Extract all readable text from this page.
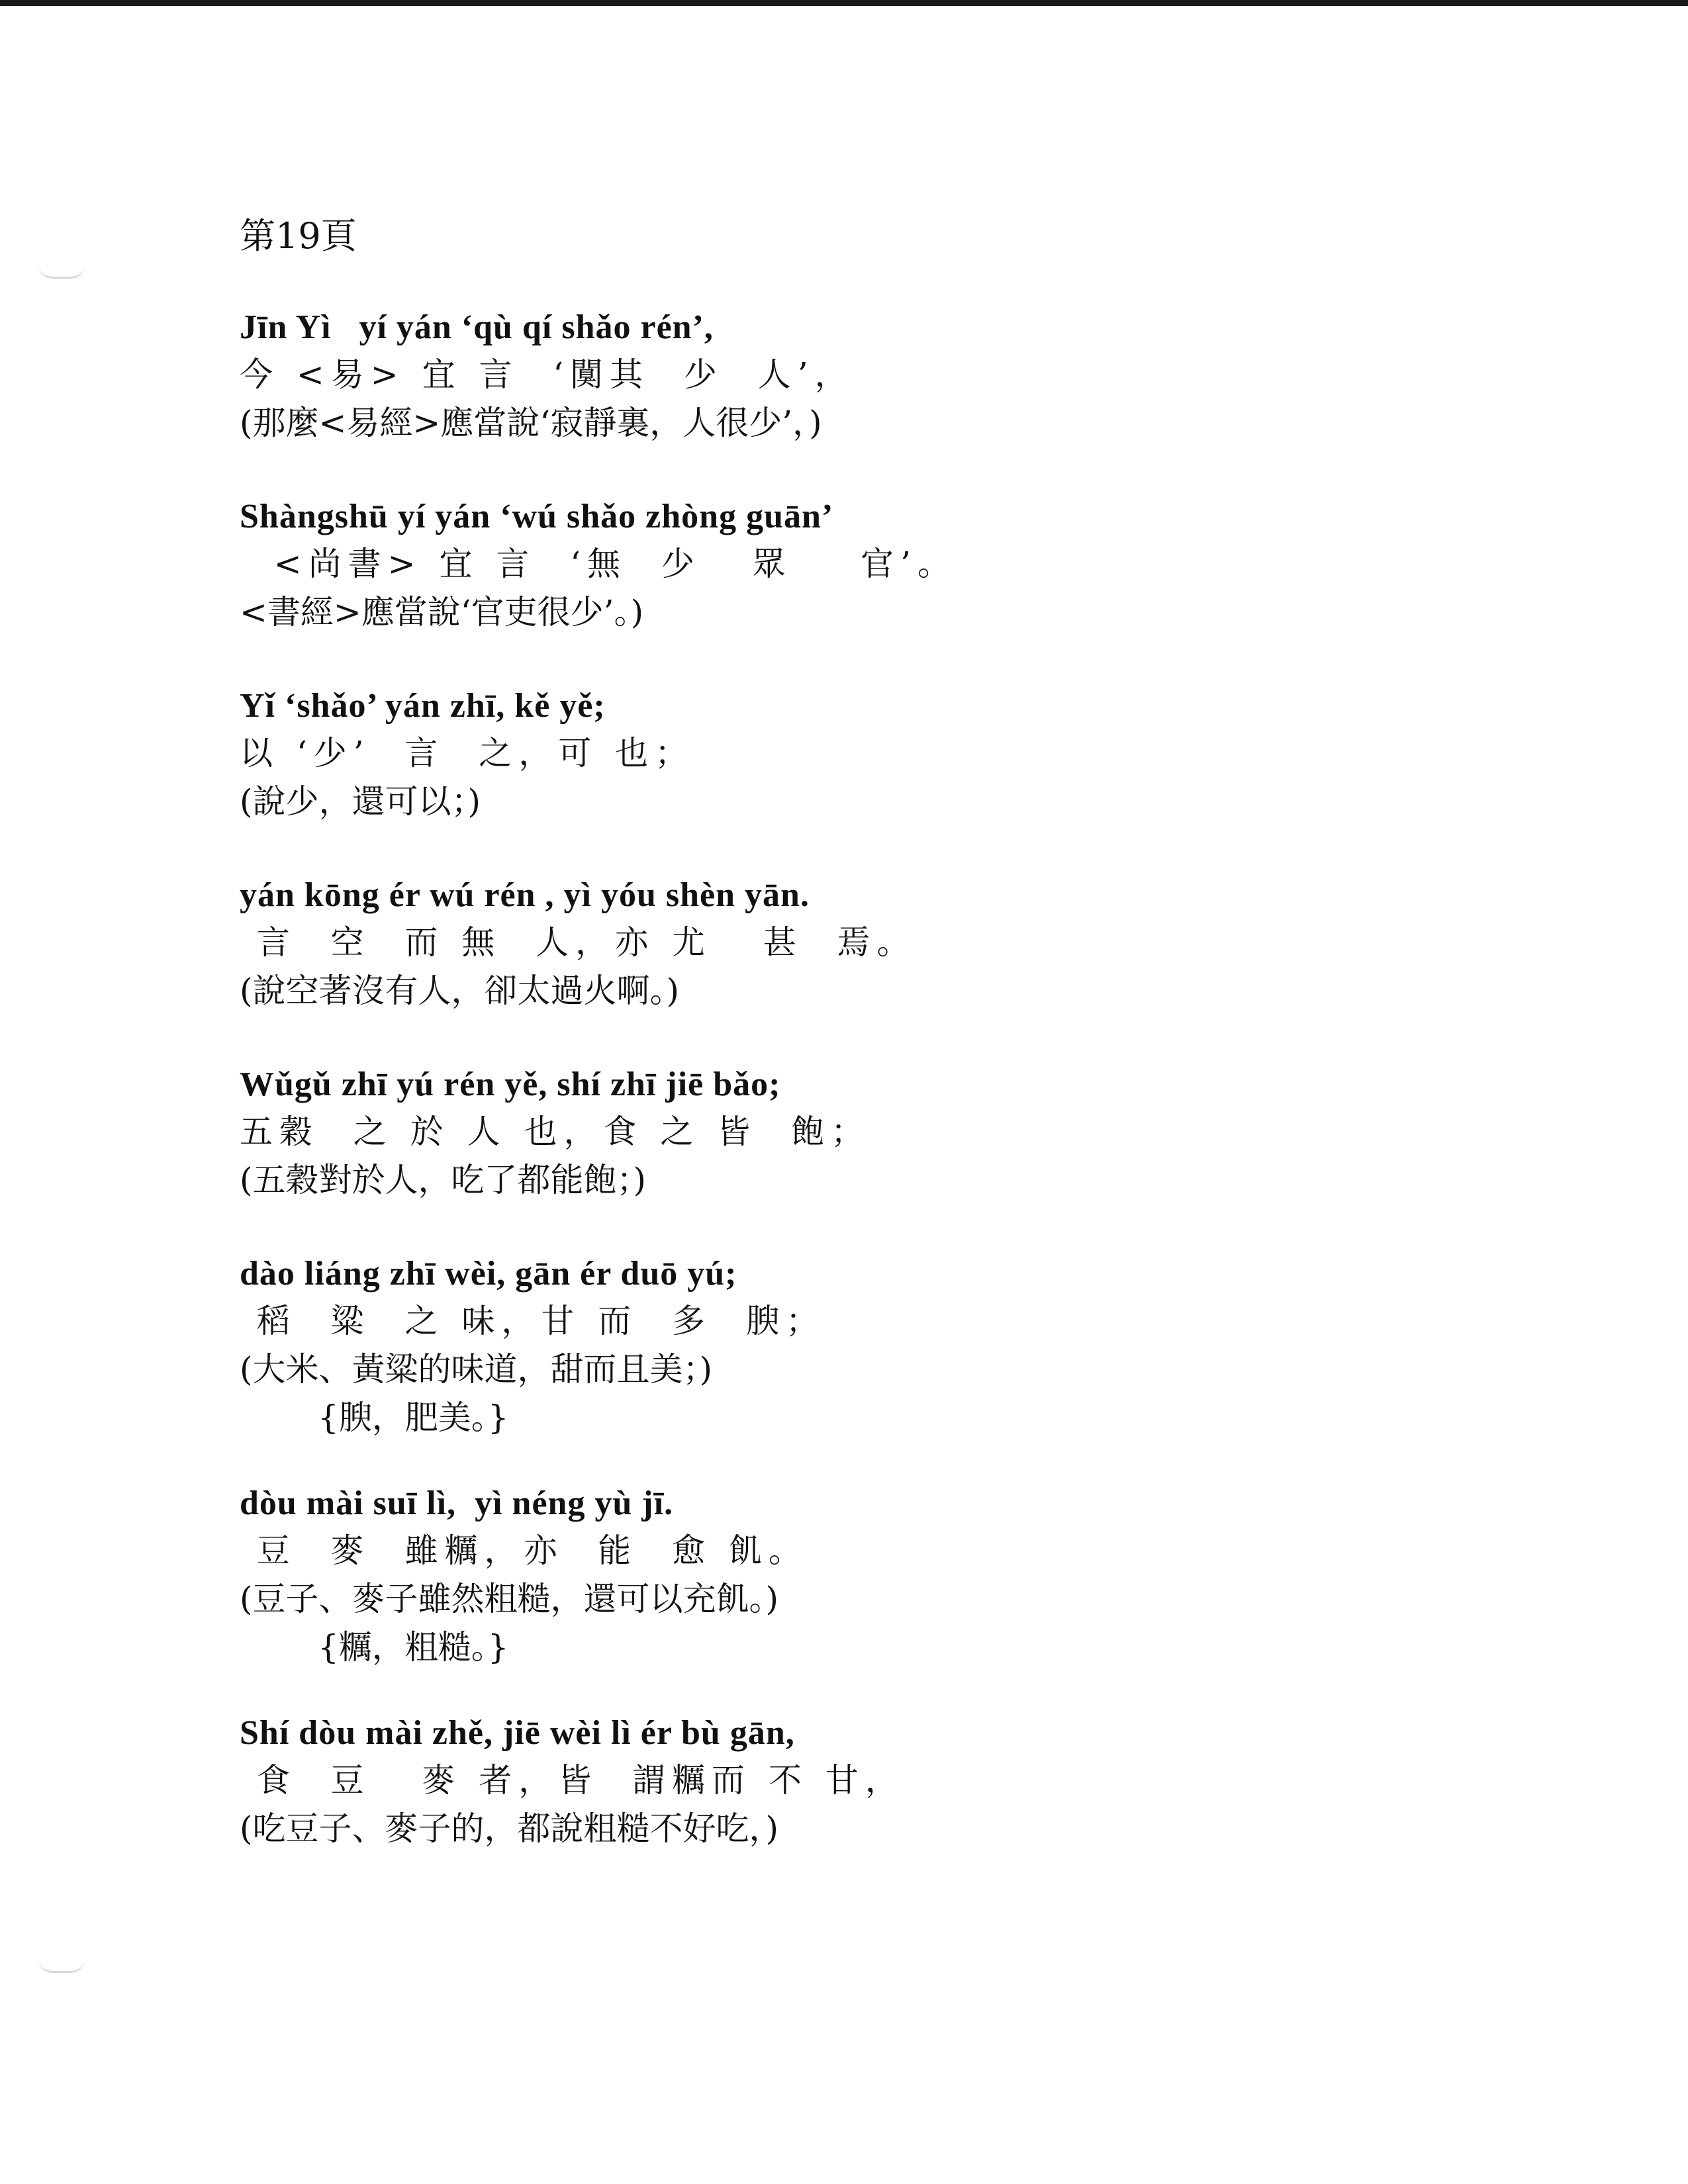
第19頁
Jīn Yì   yí yán ‘qù qí shǎo rén’,
今 <易> 宜 言  ‘闃其  少  人’，
(那麼<易經>應當說‘寂靜裏，人很少’，)
Shàngshū yí yán ‘wú shǎo zhòng guān’
<尚書> 宜 言  ‘無  少   眾    官’。
<書經>應當說‘官吏很少’。)
Yǐ ‘shǎo’ yán zhī, kě yě;
以 ‘少’  言  之，可 也；
(說少，還可以；)
yán kōng ér wú rén , yì yóu shèn yān.
言  空  而 無  人，亦 尤   甚  焉。
(說空著沒有人，卻太過火啊。)
Wǔgǔ zhī yú rén yě, shí zhī jiē bǎo;
五穀  之 於 人 也，食 之 皆  飽；
(五穀對於人，吃了都能飽；)
dào liáng zhī wèi, gān ér duō yú;
稻  粱  之 味，甘 而  多  腴；
(大米、黃粱的味道，甜而且美；)
{腴，肥美。}
dòu mài suī lì,  yì néng yù jī.
豆  麥  雖糲，亦  能  愈 飢。
(豆子、麥子雖然粗糙，還可以充飢。)
{糲，粗糙。}
Shí dòu mài zhě, jiē wèi lì ér bù gān,
食  豆   麥 者，皆  謂糲而 不 甘，
(吃豆子、麥子的，都說粗糙不好吃，)
